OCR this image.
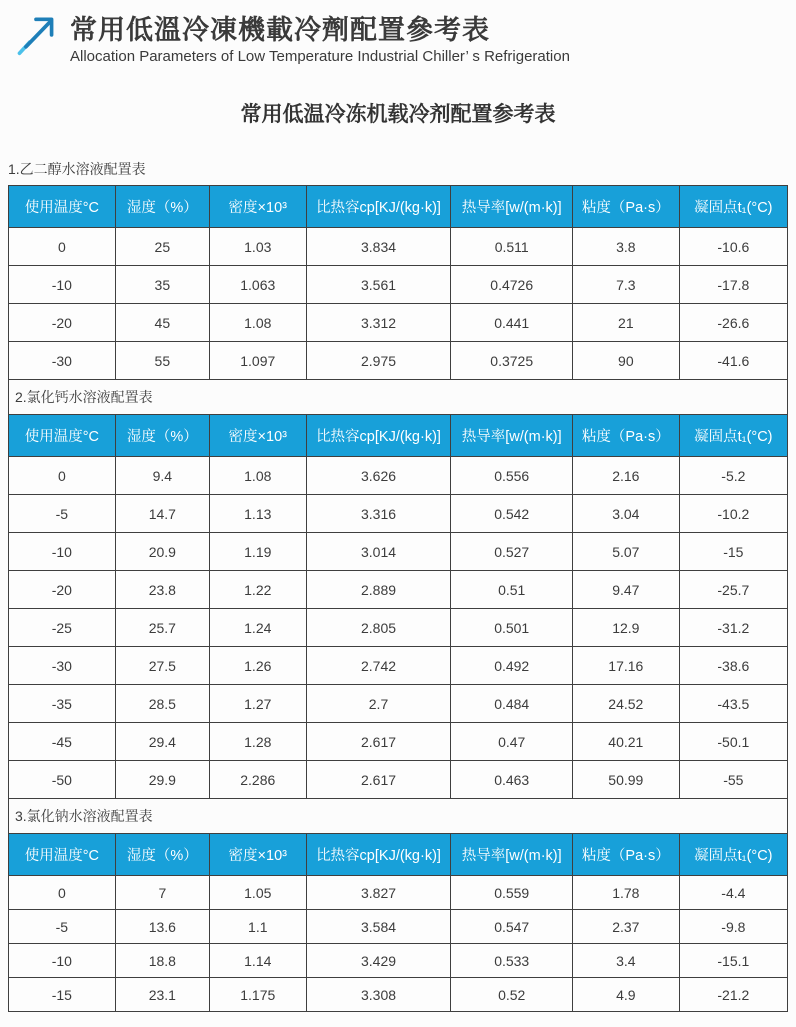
常用低溫冷凍機載冷劑配置參考表

Allocation Parameters of Low Temperature Industrial Chiller’ s Refrigeration

常用低温冷冻机载冷剂配置参考表

1.乙二醇水溶液配置表

使用温度°C	湿度（%）	密度×10³	比热容cp[KJ/(kg·k)]	热导率[w/(m·k)]	粘度（Pa·s）	凝固点t₁(°C)
0	25	1.03	3.834	0.511	3.8	-10.6
-10	35	1.063	3.561	0.4726	7.3	-17.8
-20	45	1.08	3.312	0.441	21	-26.6
-30	55	1.097	2.975	0.3725	90	-41.6
2.氯化钙水溶液配置表						
使用温度°C	湿度（%）	密度×10³	比热容cp[KJ/(kg·k)]	热导率[w/(m·k)]	粘度（Pa·s）	凝固点t₁(°C)
0	9.4	1.08	3.626	0.556	2.16	-5.2
-5	14.7	1.13	3.316	0.542	3.04	-10.2
-10	20.9	1.19	3.014	0.527	5.07	-15
-20	23.8	1.22	2.889	0.51	9.47	-25.7
-25	25.7	1.24	2.805	0.501	12.9	-31.2
-30	27.5	1.26	2.742	0.492	17.16	-38.6
-35	28.5	1.27	2.7	0.484	24.52	-43.5
-45	29.4	1.28	2.617	0.47	40.21	-50.1
-50	29.9	2.286	2.617	0.463	50.99	-55
3.氯化钠水溶液配置表						
使用温度°C	湿度（%）	密度×10³	比热容cp[KJ/(kg·k)]	热导率[w/(m·k)]	粘度（Pa·s）	凝固点t₁(°C)
0	7	1.05	3.827	0.559	1.78	-4.4
-5	13.6	1.1	3.584	0.547	2.37	-9.8
-10	18.8	1.14	3.429	0.533	3.4	-15.1
-15	23.1	1.175	3.308	0.52	4.9	-21.2
